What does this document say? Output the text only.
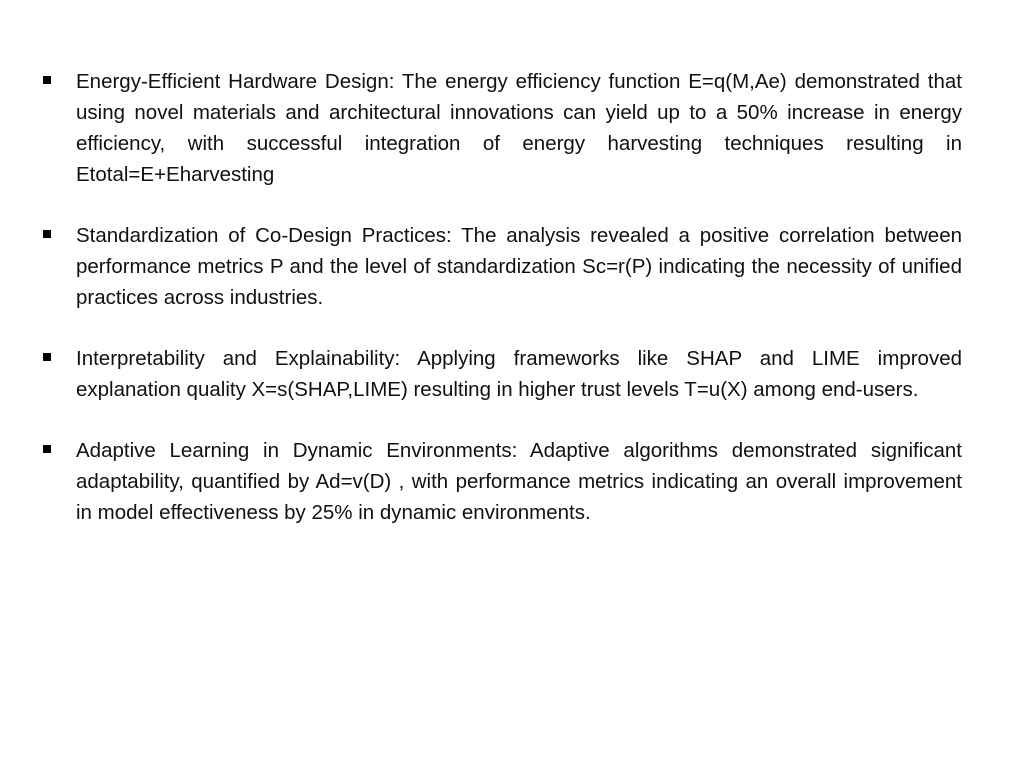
Energy-Efficient Hardware Design: The energy efficiency function E=q(M,Ae) demonstrated that using novel materials and architectural innovations can yield up to a 50% increase in energy efficiency, with successful integration of energy harvesting techniques resulting in Etotal=E+Eharvesting
Standardization of Co-Design Practices: The analysis revealed a positive correlation between performance metrics P and the level of standardization Sc=r(P) indicating the necessity of unified practices across industries.
Interpretability and Explainability: Applying frameworks like SHAP and LIME improved explanation quality X=s(SHAP,LIME) resulting in higher trust levels T=u(X) among end-users.
Adaptive Learning in Dynamic Environments: Adaptive algorithms demonstrated significant adaptability, quantified by Ad=v(D) , with performance metrics indicating an overall improvement in model effectiveness by 25% in dynamic environments.
